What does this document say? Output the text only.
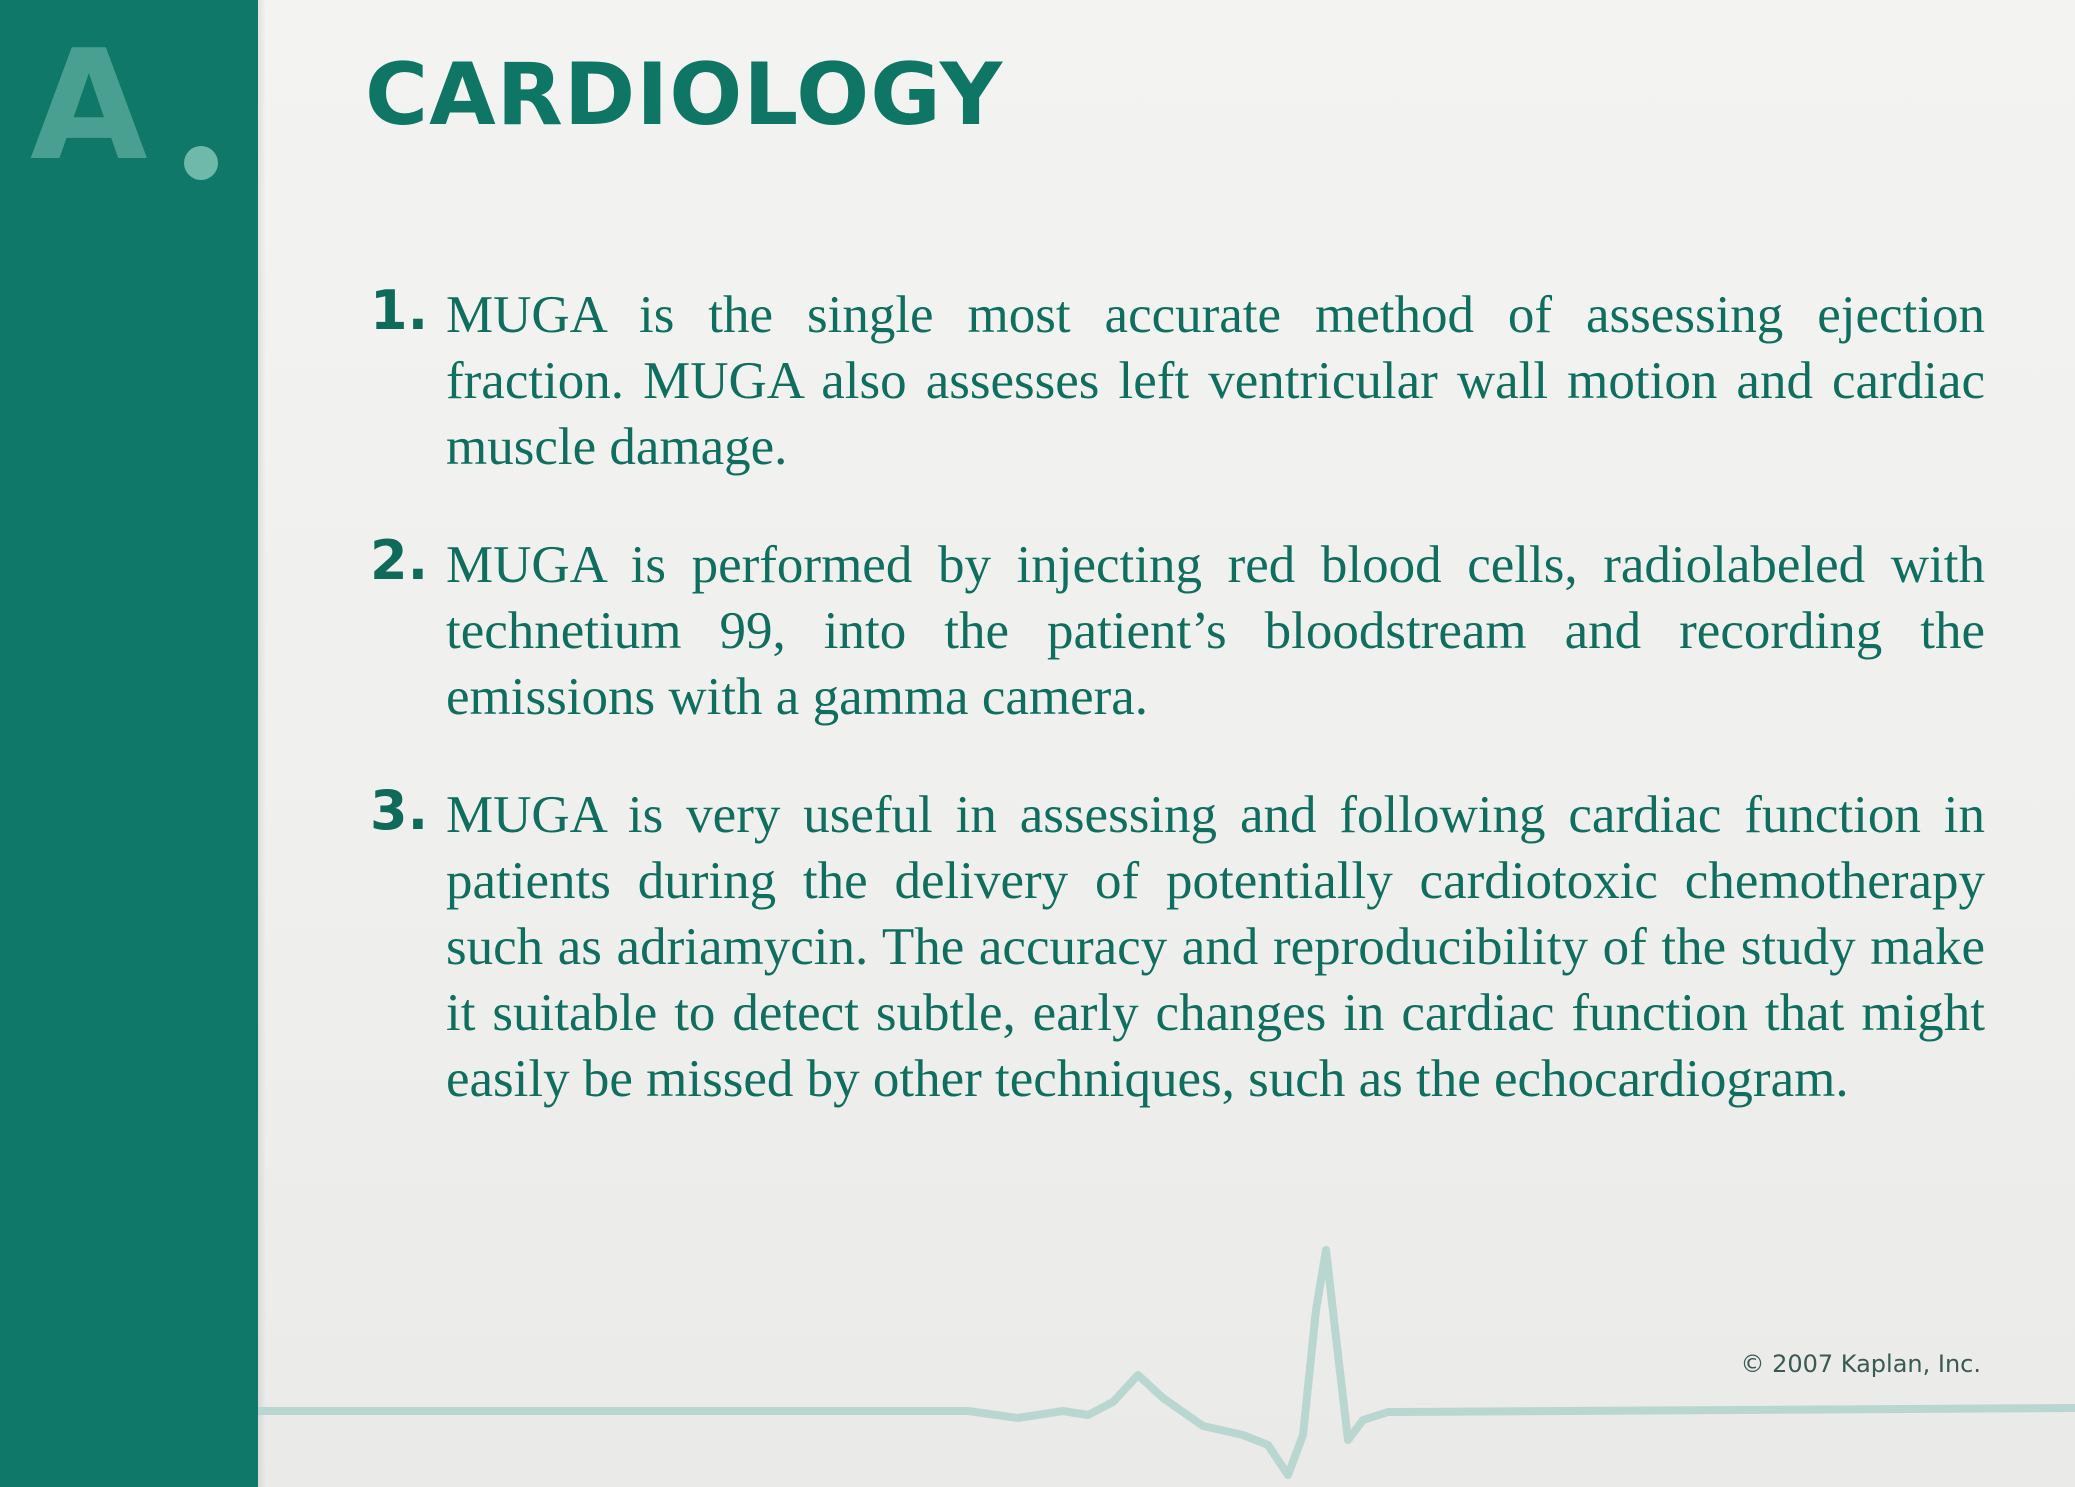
A	CARDIOLOGY
1. MUGA is the single most accurate method of assessing ejection fraction. MUGA also assesses left ventricular wall motion and cardiac muscle damage.

2. MUGA is performed by injecting red blood cells, radiolabeled with technetium 99, into the patient’s bloodstream and recording the emissions with a gamma camera.

3. MUGA is very useful in assessing and following cardiac function in patients during the delivery of potentially cardiotoxic chemotherapy such as adriamycin. The accuracy and reproducibility of the study make it suitable to detect subtle, early changes in cardiac function that might easily be missed by other techniques, such as the echocardiogram.

© 2007 Kaplan, Inc.
